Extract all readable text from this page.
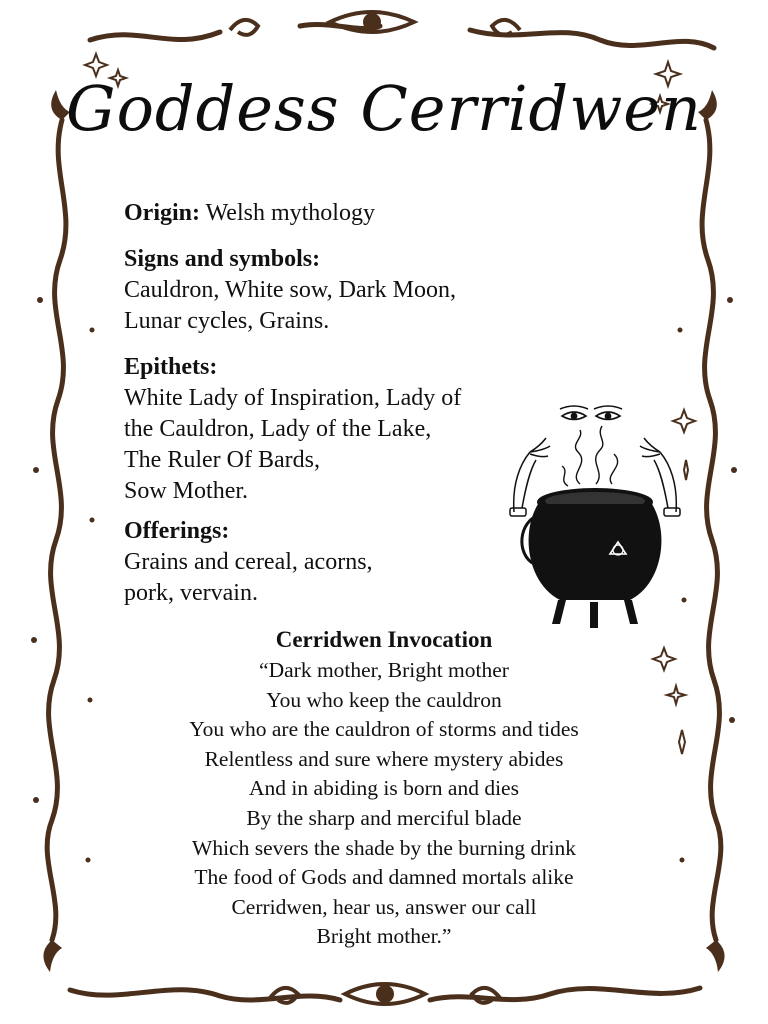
Goddess Cerridwen
Origin: Welsh mythology
Signs and symbols:
Cauldron, White sow, Dark Moon,
Lunar cycles, Grains.
Epithets:
White Lady of Inspiration, Lady of
the Cauldron, Lady of the Lake,
The Ruler Of Bards,
Sow Mother.
Offerings:
Grains and cereal, acorns,
pork, vervain.
Cerridwen Invocation
“Dark mother, Bright mother
You who keep the cauldron
You who are the cauldron of storms and tides
Relentless and sure where mystery abides
And in abiding is born and dies
By the sharp and merciful blade
Which severs the shade by the burning drink
The food of Gods and damned mortals alike
Cerridwen, hear us, answer our call
Bright mother.”
